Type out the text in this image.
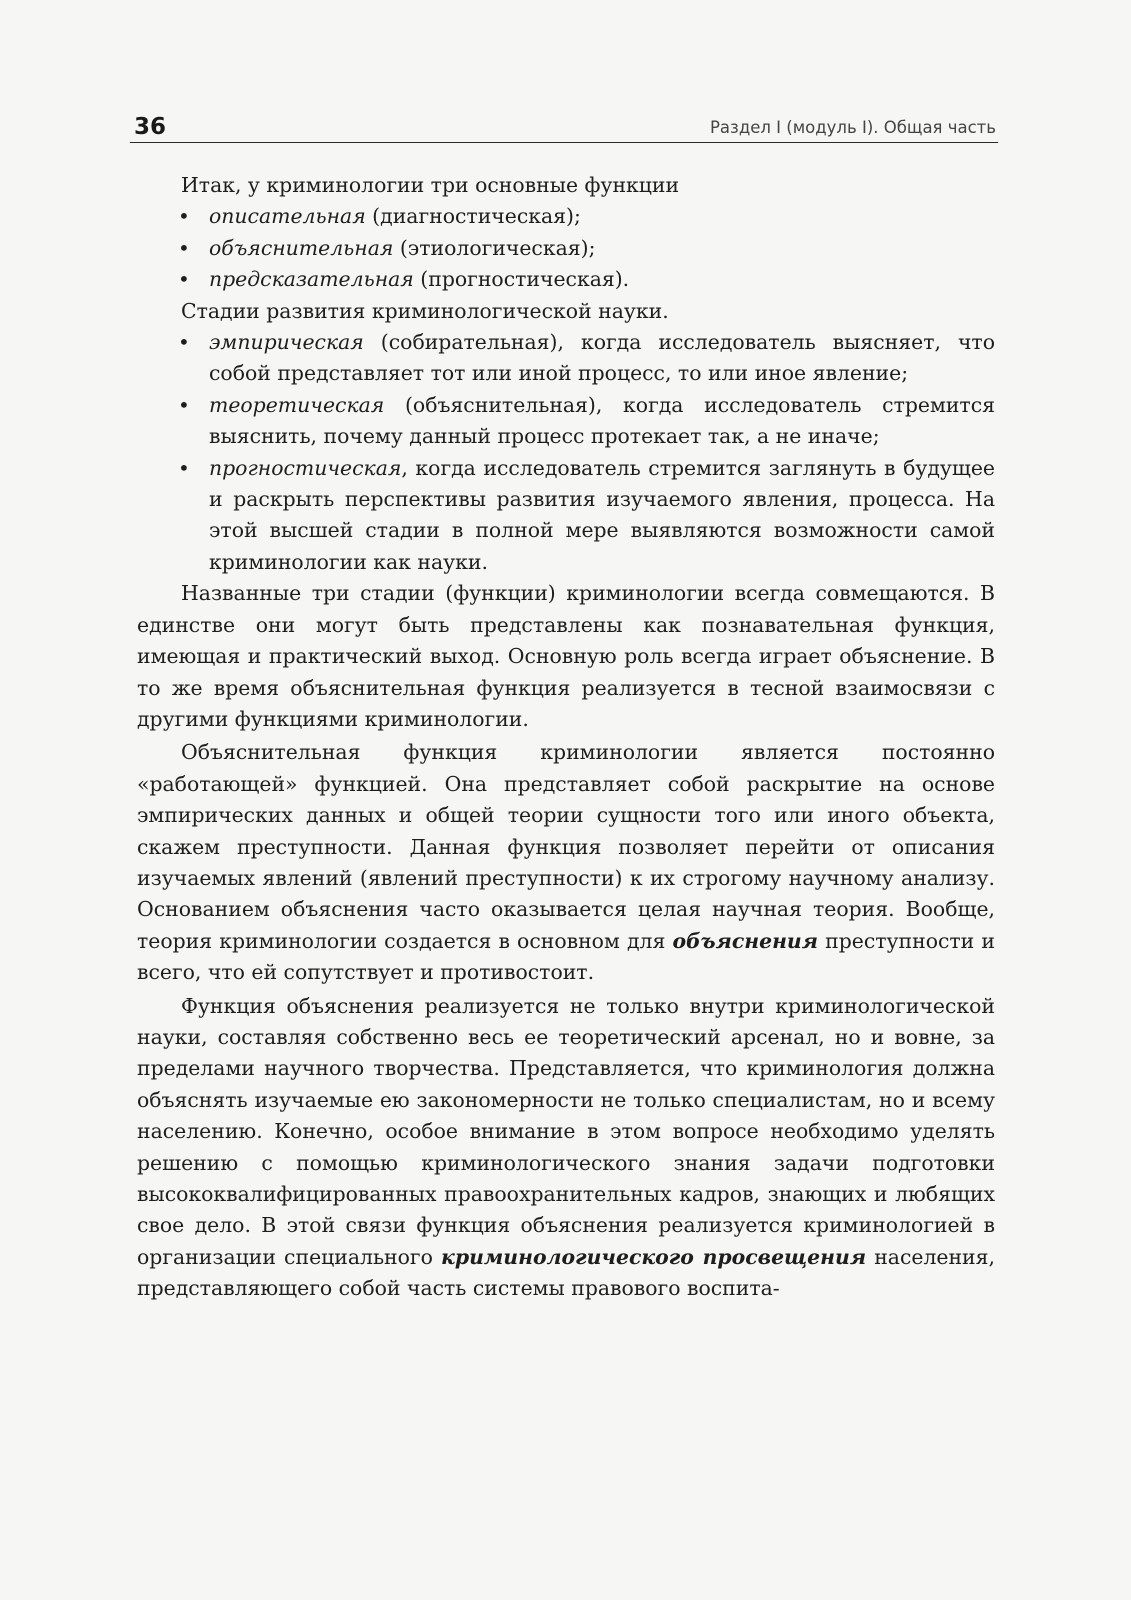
36	Раздел I (модуль I). Общая часть

Итак, у криминологии три основные функции

• описательная (диагностическая);
• объяснительная (этиологическая);
• предсказательная (прогностическая).

Стадии развития криминологической науки.

• эмпирическая (собирательная), когда исследователь выясняет, что собой представляет тот или иной процесс, то или иное явление;
• теоретическая (объяснительная), когда исследователь стремится выяснить, почему данный процесс протекает так, а не иначе;
• прогностическая, когда исследователь стремится заглянуть в будущее и раскрыть перспективы развития изучаемого явления, процесса. На этой высшей стадии в полной мере выявляются возможности самой криминологии как науки.

Названные три стадии (функции) криминологии всегда совмещаются. В единстве они могут быть представлены как познавательная функция, имеющая и практический выход. Основную роль всегда играет объяснение. В то же время объяснительная функция реализуется в тесной взаимосвязи с другими функциями криминологии.

Объяснительная функция криминологии является постоянно «работающей» функцией. Она представляет собой раскрытие на основе эмпирических данных и общей теории сущности того или иного объекта, скажем преступности. Данная функция позволяет перейти от описания изучаемых явлений (явлений преступности) к их строгому научному анализу. Основанием объяснения часто оказывается целая научная теория. Вообще, теория криминологии создается в основном для объяснения преступности и всего, что ей сопутствует и противостоит.

Функция объяснения реализуется не только внутри криминологической науки, составляя собственно весь ее теоретический арсенал, но и вовне, за пределами научного творчества. Представляется, что криминология должна объяснять изучаемые ею закономерности не только специалистам, но и всему населению. Конечно, особое внимание в этом вопросе необходимо уделять решению с помощью криминологического знания задачи подготовки высококвалифицированных правоохранительных кадров, знающих и любящих свое дело. В этой связи функция объяснения реализуется криминологией в организации специального криминологического просвещения населения, представляющего собой часть системы правового воспита-
